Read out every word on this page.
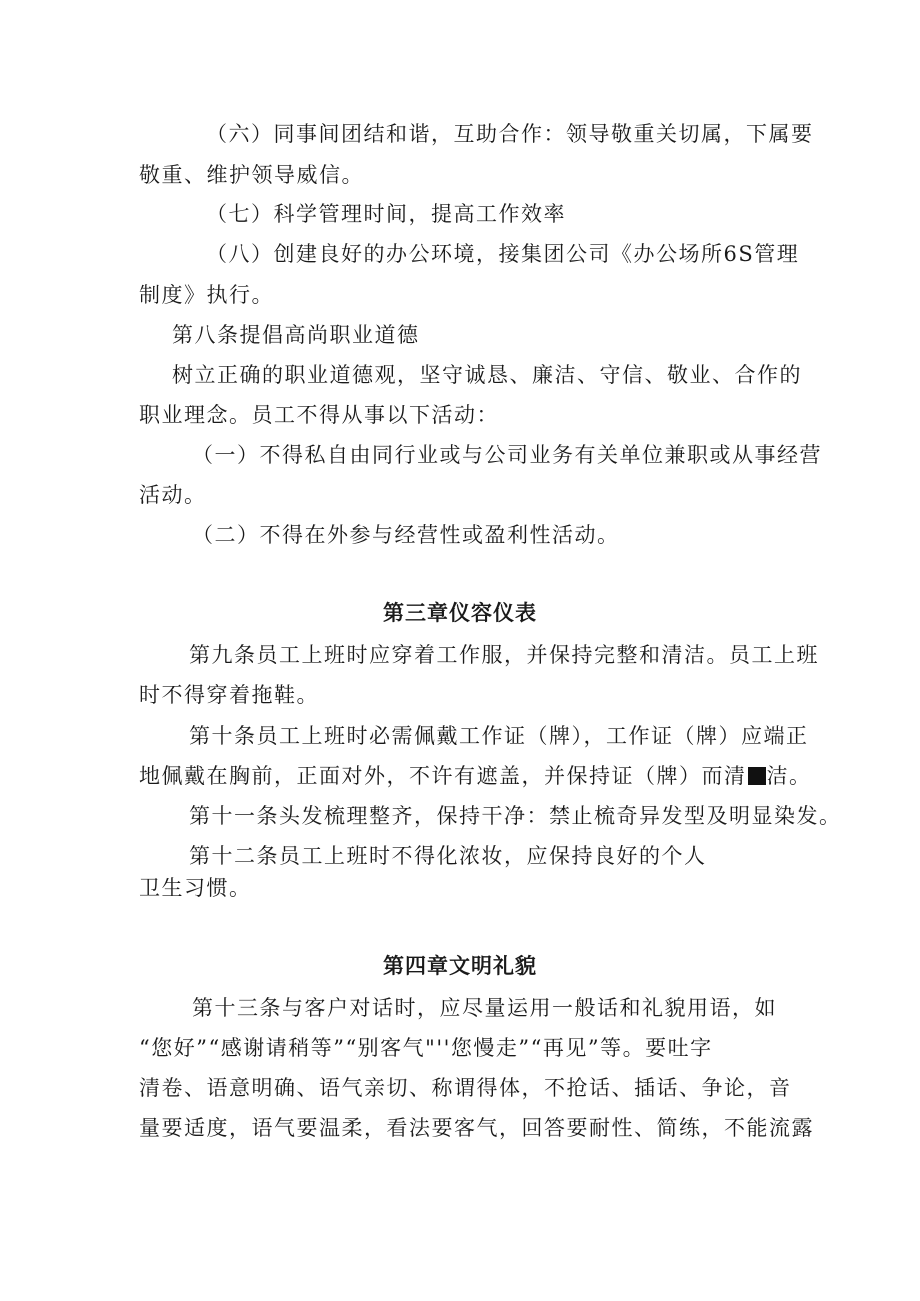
（六）同事间团结和谐，互助合作：领导敬重关切属，下属要
敬重、维护领导威信。
（七）科学管理时间，提高工作效率
（八）创建良好的办公环境，接集团公司《办公场所6S管理
制度》执行。
第八条提倡高尚职业道德
树立正确的职业道德观，坚守诚恳、廉洁、守信、敬业、合作的
职业理念。员工不得从事以下活动：
（一）不得私自由同行业或与公司业务有关单位兼职或从事经营
活动。
（二）不得在外参与经营性或盈利性活动。
第三章仪容仪表
第九条员工上班时应穿着工作服，并保持完整和清洁。员工上班
时不得穿着拖鞋。
第十条员工上班时必需佩戴工作证（牌），工作证（牌）应端正
地佩戴在胸前，正面对外，不许有遮盖，并保持证（牌）而清 洁。
第十一条头发梳理整齐，保持干净：禁止梳奇异发型及明显染发。
第十二条员工上班时不得化浓妆，应保持良好的个人
卫生习惯。
第四章文明礼貌
第十三条与客户对话时，应尽量运用一般话和礼貌用语，如
“您好”“感谢请稍等”“别客气"''您慢走”“再见”等。要吐字
清卷、语意明确、语气亲切、称谓得体，不抢话、插话、争论，音
量要适度，语气要温柔，看法要客气，回答要耐性、简练，不能流露
